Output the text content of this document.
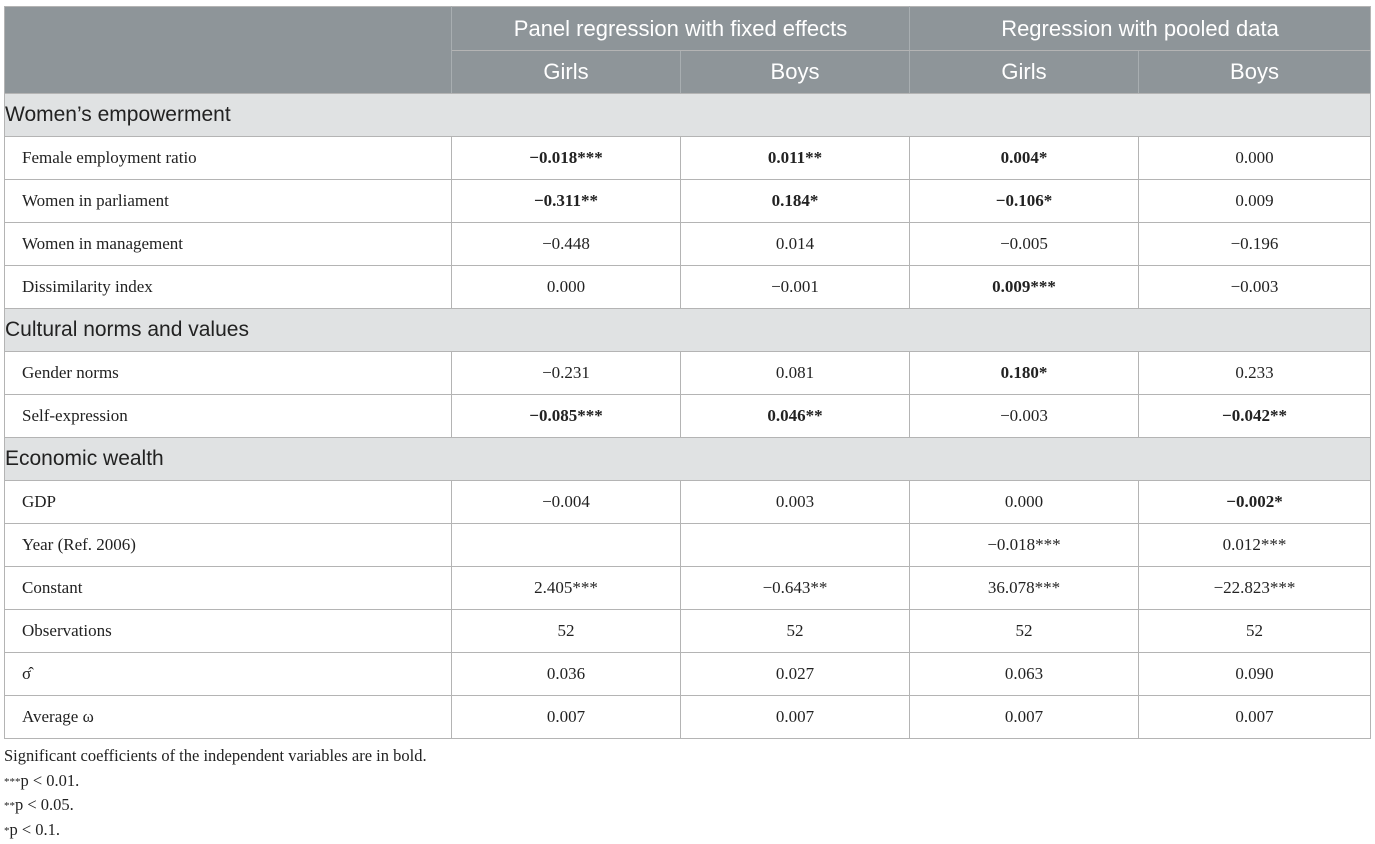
	Panel regression with fixed effects		Regression with pooled data	
	Girls	Boys	Girls	Boys
Women’s empowerment				
Female employment ratio	−0.018***	0.011**	0.004*	0.000
Women in parliament	−0.311**	0.184*	−0.106*	0.009
Women in management	−0.448	0.014	−0.005	−0.196
Dissimilarity index	0.000	−0.001	0.009***	−0.003
Cultural norms and values				
Gender norms	−0.231	0.081	0.180*	0.233
Self-expression	−0.085***	0.046**	−0.003	−0.042**
Economic wealth				
GDP	−0.004	0.003	0.000	−0.002*
Year (Ref. 2006)			−0.018***	0.012***
Constant	2.405***	−0.643**	36.078***	−22.823***
Observations	52	52	52	52
σ̂	0.036	0.027	0.063	0.090
Average ω	0.007	0.007	0.007	0.007
Significant coefficients of the independent variables are in bold.
***p < 0.01.
**p < 0.05.
*p < 0.1.
